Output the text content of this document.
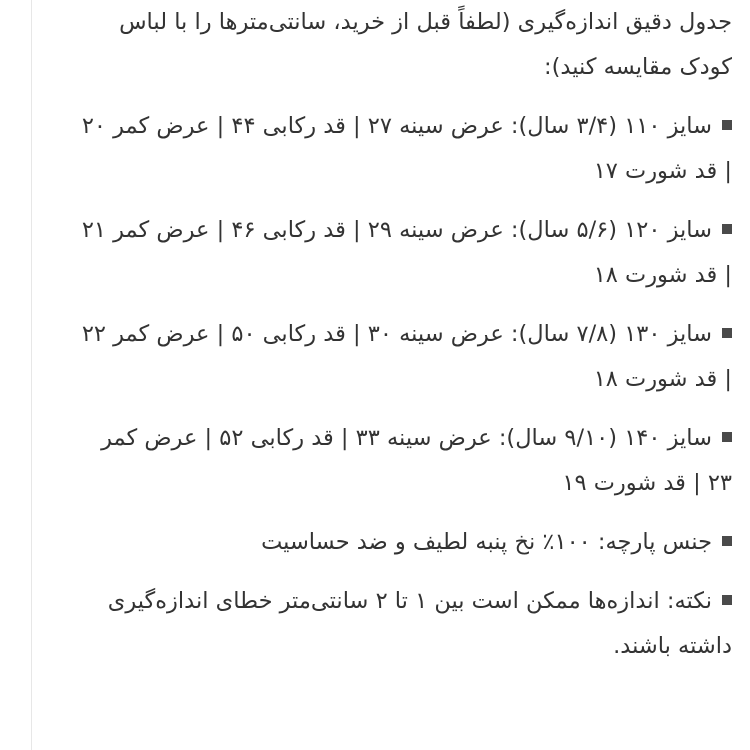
جدول دقیق اندازه‌گیری (لطفاً قبل از خرید، سانتی‌مترها را با لباس کودک مقایسه کنید):

سایز ۱۱۰ (۳/۴ سال): عرض سینه ۲۷ | قد رکابی ۴۴ | عرض کمر ۲۰ | قد شورت ۱۷

سایز ۱۲۰ (۵/۶ سال): عرض سینه ۲۹ | قد رکابی ۴۶ | عرض کمر ۲۱ | قد شورت ۱۸

سایز ۱۳۰ (۷/۸ سال): عرض سینه ۳۰ | قد رکابی ۵۰ | عرض کمر ۲۲ | قد شورت ۱۸

سایز ۱۴۰ (۹/۱۰ سال): عرض سینه ۳۳ | قد رکابی ۵۲ | عرض کمر ۲۳ | قد شورت ۱۹

جنس پارچه: ۱۰۰٪ نخ پنبه لطیف و ضد حساسیت

نکته: اندازه‌ها ممکن است بین ۱ تا ۲ سانتی‌متر خطای اندازه‌گیری داشته باشند.
